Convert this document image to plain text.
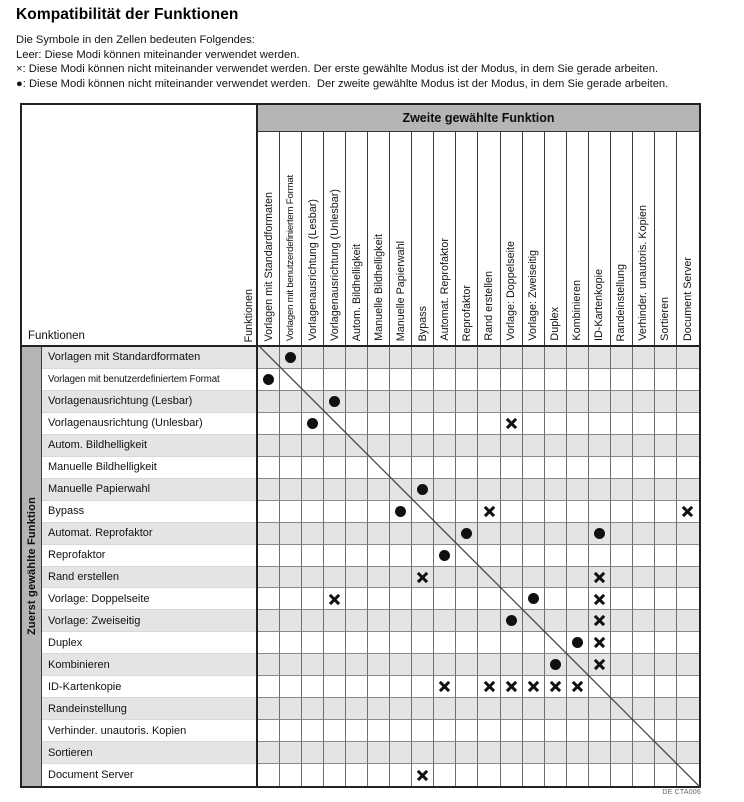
Kompatibilität der Funktionen
Die Symbole in den Zellen bedeuten Folgendes:
Leer: Diese Modi können miteinander verwendet werden.
×: Diese Modi können nicht miteinander verwendet werden. Der erste gewählte Modus ist der Modus, in dem Sie gerade arbeiten.
●: Diese Modi können nicht miteinander verwendet werden.  Der zweite gewählte Modus ist der Modus, in dem Sie gerade arbeiten.
Funktionen	Funktionen
Zweite gewählte Funktion
Vorlagen mit Standardformaten Vorlagen mit benutzerdefiniertem Format Vorlagenausrichtung (Lesbar) Vorlagenausrichtung (Unlesbar) Autom. Bildhelligkeit Manuelle Bildhelligkeit Manuelle Papierwahl Bypass Automat. Reprofaktor Reprofaktor Rand erstellen Vorlage: Doppelseite Vorlage: Zweiseitig Duplex Kombinieren ID-Kartenkopie Randeinstellung Verhinder. unautoris. Kopien Sortieren Document Server
Zuerst gewählte Funktion
Vorlagen mit Standardformaten
Vorlagen mit benutzerdefiniertem Format
Vorlagenausrichtung (Lesbar)
Vorlagenausrichtung (Unlesbar)
Autom. Bildhelligkeit
Manuelle Bildhelligkeit
Manuelle Papierwahl
Bypass
Automat. Reprofaktor
Reprofaktor
Rand erstellen
Vorlage: Doppelseite
Vorlage: Zweiseitig
Duplex
Kombinieren
ID-Kartenkopie
Randeinstellung
Verhinder. unautoris. Kopien
Sortieren
Document Server
DE CTA006
